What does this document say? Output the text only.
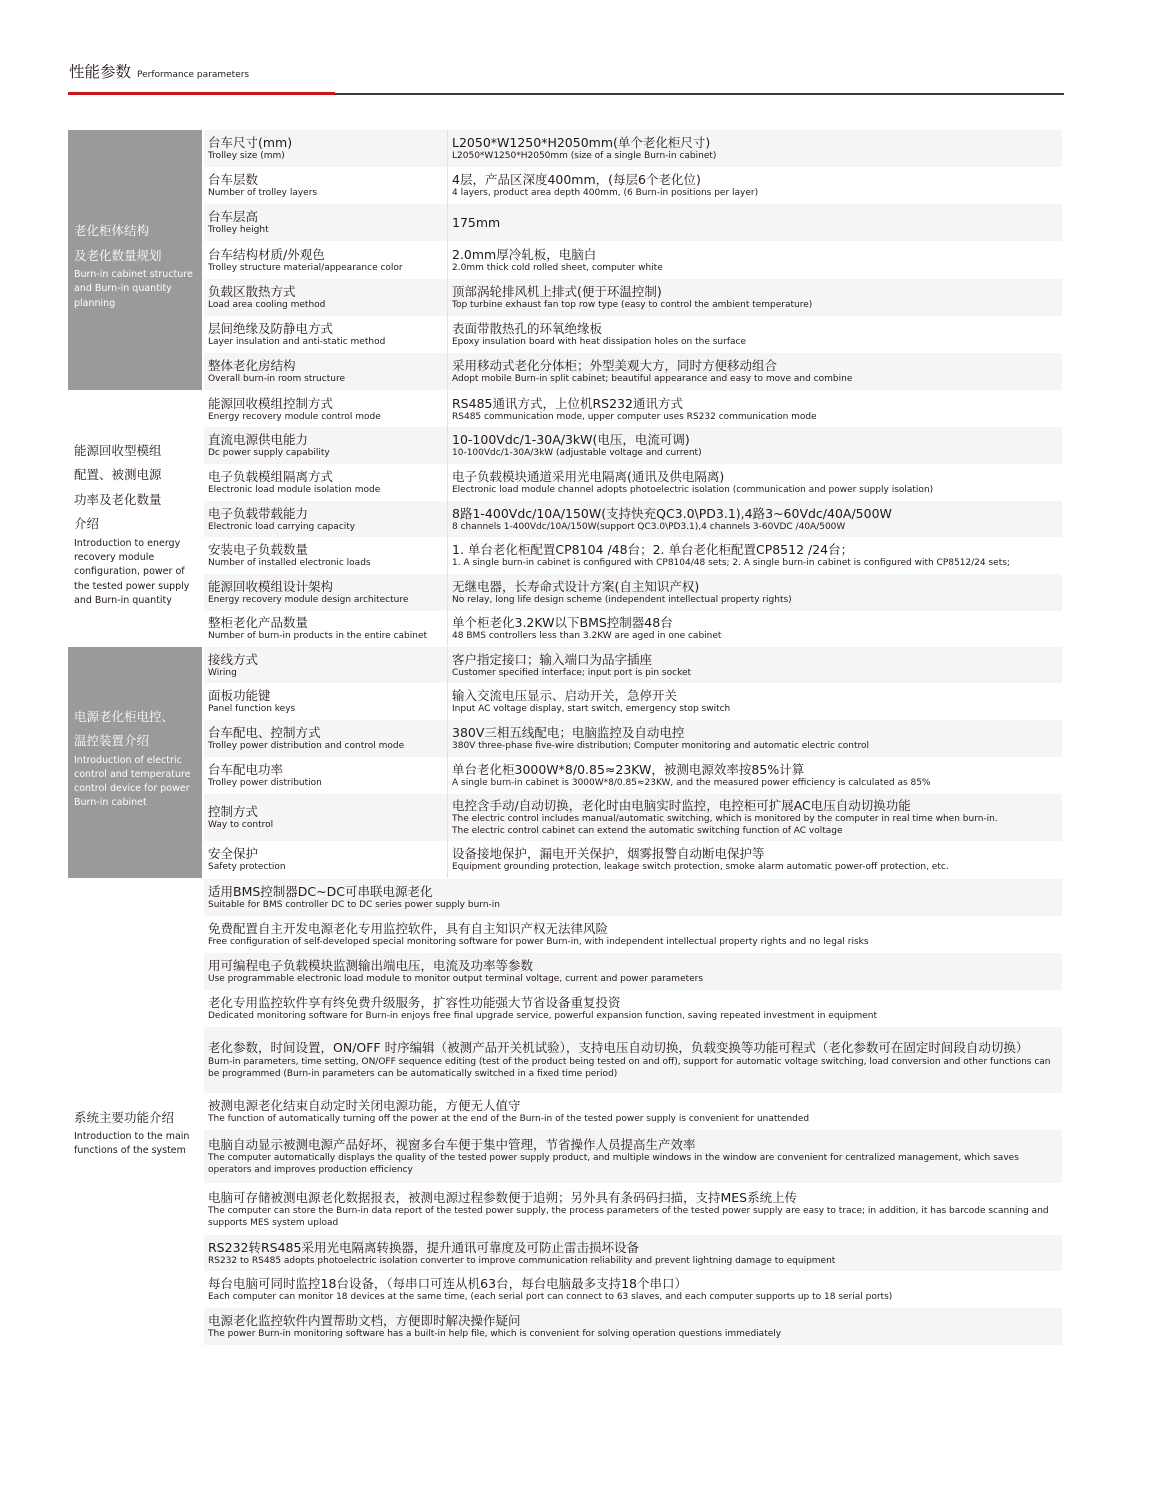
性能参数 Performance parameters
老化柜体结构
及老化数量规划
Burn-in cabinet structure and Burn-in quantity planning
台车尺寸(mm)
Trolley size (mm)
L2050*W1250*H2050mm(单个老化柜尺寸)
L2050*W1250*H2050mm (size of a single Burn-in cabinet)
台车层数
Number of trolley layers
4层，产品区深度400mm，(每层6个老化位)
4 layers, product area depth 400mm, (6 Burn-in positions per layer)
台车层高
Trolley height	175mm
台车结构材质/外观色
Trolley structure material/appearance color
2.0mm厚冷轧板，电脑白
2.0mm thick cold rolled sheet, computer white
负载区散热方式
Load area cooling method
顶部涡轮排风机上排式(便于环温控制)
Top turbine exhaust fan top row type (easy to control the ambient temperature)
层间绝缘及防静电方式
Layer insulation and anti-static method
表面带散热孔的环氧绝缘板
Epoxy insulation board with heat dissipation holes on the surface
整体老化房结构
Overall burn-in room structure
采用移动式老化分体柜；外型美观大方，同时方便移动组合
Adopt mobile Burn-in split cabinet; beautiful appearance and easy to move and combine
能源回收型模组
配置、被测电源
功率及老化数量
介绍
Introduction to energy recovery module configuration, power of the tested power supply and Burn-in quantity
能源回收模组控制方式
Energy recovery module control mode
RS485通讯方式，上位机RS232通讯方式
RS485 communication mode, upper computer uses RS232 communication mode
直流电源供电能力
Dc power supply capability
10-100Vdc/1-30A/3kW(电压，电流可调)
10-100Vdc/1-30A/3kW (adjustable voltage and current)
电子负载模组隔离方式
Electronic load module isolation mode
电子负载模块通道采用光电隔离(通讯及供电隔离)
Electronic load module channel adopts photoelectric isolation (communication and power supply isolation)
电子负载带载能力
Electronic load carrying capacity
8路1-400Vdc/10A/150W(支持快充QC3.0\PD3.1),4路3~60Vdc/40A/500W
8 channels 1-400Vdc/10A/150W(support QC3.0\PD3.1),4 channels 3-60VDC /40A/500W
安装电子负载数量
Number of installed electronic loads
1. 单台老化柜配置CP8104 /48台；2. 单台老化柜配置CP8512 /24台；
1. A single burn-in cabinet is configured with CP8104/48 sets; 2. A single burn-in cabinet is configured with CP8512/24 sets;
能源回收模组设计架构
Energy recovery module design architecture
无继电器，长寿命式设计方案(自主知识产权)
No relay, long life design scheme (independent intellectual property rights)
整柜老化产品数量
Number of burn-in products in the entire cabinet
单个柜老化3.2KW以下BMS控制器48台
48 BMS controllers less than 3.2KW are aged in one cabinet
电源老化柜电控、
温控装置介绍
Introduction of electric control and temperature control device for power Burn-in cabinet
接线方式
Wiring
客户指定接口；输入端口为品字插座
Customer specified interface; input port is pin socket
面板功能键
Panel function keys
输入交流电压显示、启动开关，急停开关
Input AC voltage display, start switch, emergency stop switch
台车配电、控制方式
Trolley power distribution and control mode
380V三相五线配电；电脑监控及自动电控
380V three-phase five-wire distribution; Computer monitoring and automatic electric control
台车配电功率
Trolley power distribution
单台老化柜3000W*8/0.85≈23KW，被测电源效率按85%计算
A single burn-in cabinet is 3000W*8/0.85≈23KW, and the measured power efficiency is calculated as 85%
控制方式
Way to control
电控含手动/自动切换，老化时由电脑实时监控，电控柜可扩展AC电压自动切换功能
The electric control includes manual/automatic switching, which is monitored by the computer in real time when burn-in.
The electric control cabinet can extend the automatic switching function of AC voltage
安全保护
Safety protection
设备接地保护，漏电开关保护，烟雾报警自动断电保护等
Equipment grounding protection, leakage switch protection, smoke alarm automatic power-off protection, etc.
系统主要功能介绍
Introduction to the main functions of the system
适用BMS控制器DC~DC可串联电源老化
Suitable for BMS controller DC to DC series power supply burn-in
免费配置自主开发电源老化专用监控软件，具有自主知识产权无法律风险
Free configuration of self-developed special monitoring software for power Burn-in, with independent intellectual property rights and no legal risks
用可编程电子负载模块监测输出端电压，电流及功率等参数
Use programmable electronic load module to monitor output terminal voltage, current and power parameters
老化专用监控软件享有终免费升级服务，扩容性功能强大节省设备重复投资
Dedicated monitoring software for Burn-in enjoys free final upgrade service, powerful expansion function, saving repeated investment in equipment
老化参数，时间设置，ON/OFF 时序编辑（被测产品开关机试验），支持电压自动切换，负载变换等功能可程式（老化参数可在固定时间段自动切换）
Burn-in parameters, time setting, ON/OFF sequence editing (test of the product being tested on and off), support for automatic voltage switching, load conversion and other functions can be programmed (Burn-in parameters can be automatically switched in a fixed time period)
被测电源老化结束自动定时关闭电源功能，方便无人值守
The function of automatically turning off the power at the end of the Burn-in of the tested power supply is convenient for unattended
电脑自动显示被测电源产品好坏，视窗多台车便于集中管理，节省操作人员提高生产效率
The computer automatically displays the quality of the tested power supply product, and multiple windows in the window are convenient for centralized management, which saves operators and improves production efficiency
电脑可存储被测电源老化数据报表，被测电源过程参数便于追朔；另外具有条码码扫描，支持MES系统上传
The computer can store the Burn-in data report of the tested power supply, the process parameters of the tested power supply are easy to trace; in addition, it has barcode scanning and supports MES system upload
RS232转RS485采用光电隔离转换器，提升通讯可靠度及可防止雷击损坏设备
RS232 to RS485 adopts photoelectric isolation converter to improve communication reliability and prevent lightning damage to equipment
每台电脑可同时监控18台设备，（每串口可连从机63台，每台电脑最多支持18个串口）
Each computer can monitor 18 devices at the same time, (each serial port can connect to 63 slaves, and each computer supports up to 18 serial ports)
电源老化监控软件内置帮助文档，方便即时解决操作疑问
The power Burn-in monitoring software has a built-in help file, which is convenient for solving operation questions immediately
